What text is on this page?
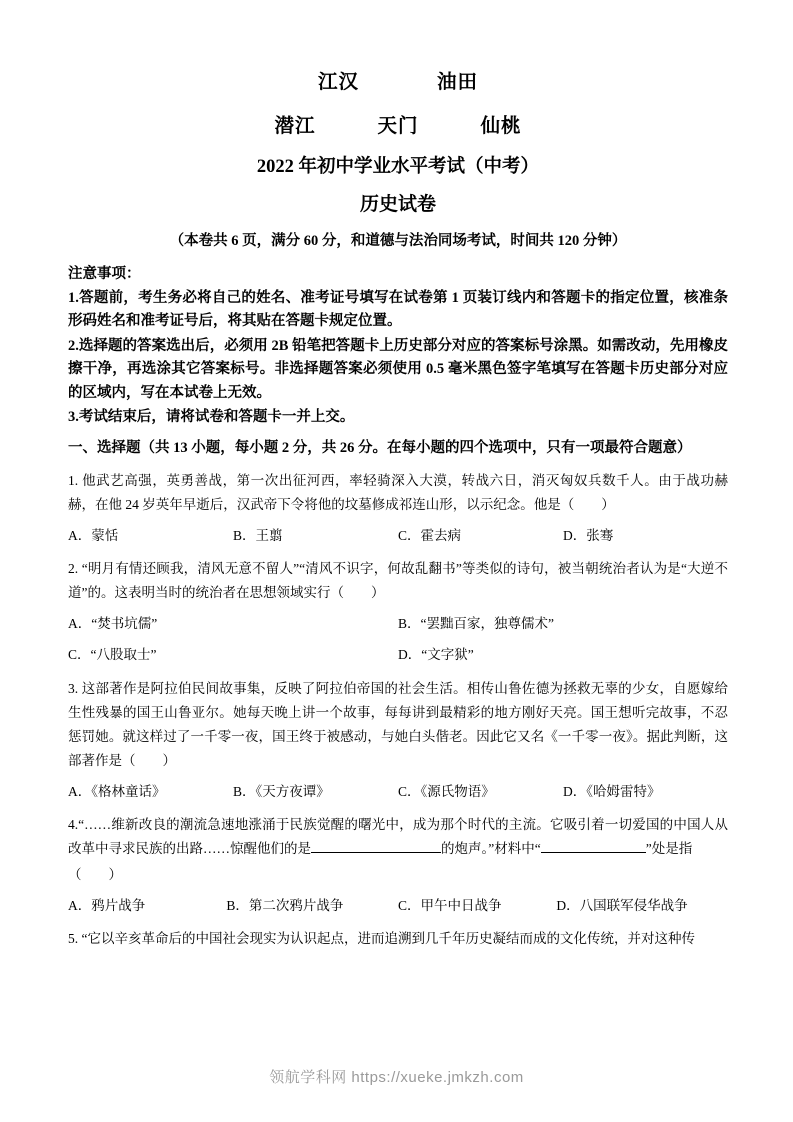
江汉	油田
潜江	天门	仙桃
2022 年初中学业水平考试（中考）
历史试卷
（本卷共 6 页，满分 60 分，和道德与法治同场考试，时间共 120 分钟）
注意事项：
1.答题前，考生务必将自己的姓名、准考证号填写在试卷第 1 页装订线内和答题卡的指定位置，核准条形码姓名和准考证号后，将其贴在答题卡规定位置。
2.选择题的答案选出后，必须用 2B 铅笔把答题卡上历史部分对应的答案标号涂黑。如需改动，先用橡皮擦干净，再选涂其它答案标号。非选择题答案必须使用 0.5 毫米黑色签字笔填写在答题卡历史部分对应的区域内，写在本试卷上无效。
3.考试结束后，请将试卷和答题卡一并上交。
一、选择题（共 13 小题，每小题 2 分，共 26 分。在每小题的四个选项中，只有一项最符合题意）
1. 他武艺高强，英勇善战，第一次出征河西，率轻骑深入大漠，转战六日，消灭匈奴兵数千人。由于战功赫赫，在他 24 岁英年早逝后，汉武帝下令将他的坟墓修成祁连山形，以示纪念。他是（　　）
A．蒙恬	B．王翦	C．霍去病	D．张骞
2. “明月有情还顾我，清风无意不留人”“清风不识字，何故乱翻书”等类似的诗句，被当朝统治者认为是“大逆不道”的。这表明当时的统治者在思想领域实行（　　）
A．“焚书坑儒”	B．“罢黜百家，独尊儒术”
C．“八股取士”	D．“文字狱”
3. 这部著作是阿拉伯民间故事集，反映了阿拉伯帝国的社会生活。相传山鲁佐德为拯救无辜的少女，自愿嫁给生性残暴的国王山鲁亚尔。她每天晚上讲一个故事，每每讲到最精彩的地方刚好天亮。国王想听完故事，不忍惩罚她。就这样过了一千零一夜，国王终于被感动，与她白头偕老。因此它又名《一千零一夜》。据此判断，这部著作是（　　）
A．《格林童话》	B．《天方夜谭》	C．《源氏物语》	D．《哈姆雷特》
4.“……维新改良的潮流急速地涨涌于民族觉醒的曙光中，成为那个时代的主流。它吸引着一切爱国的中国人从改革中寻求民族的出路……惊醒他们的是	的炮声。”材料中“	”处是指
（　　）
A．鸦片战争	B．第二次鸦片战争	C．甲午中日战争	D．八国联军侵华战争
5. “它以辛亥革命后的中国社会现实为认识起点，进而追溯到几千年历史凝结而成的文化传统，并对这种传
领航学科网 https://xueke.jmkzh.com
